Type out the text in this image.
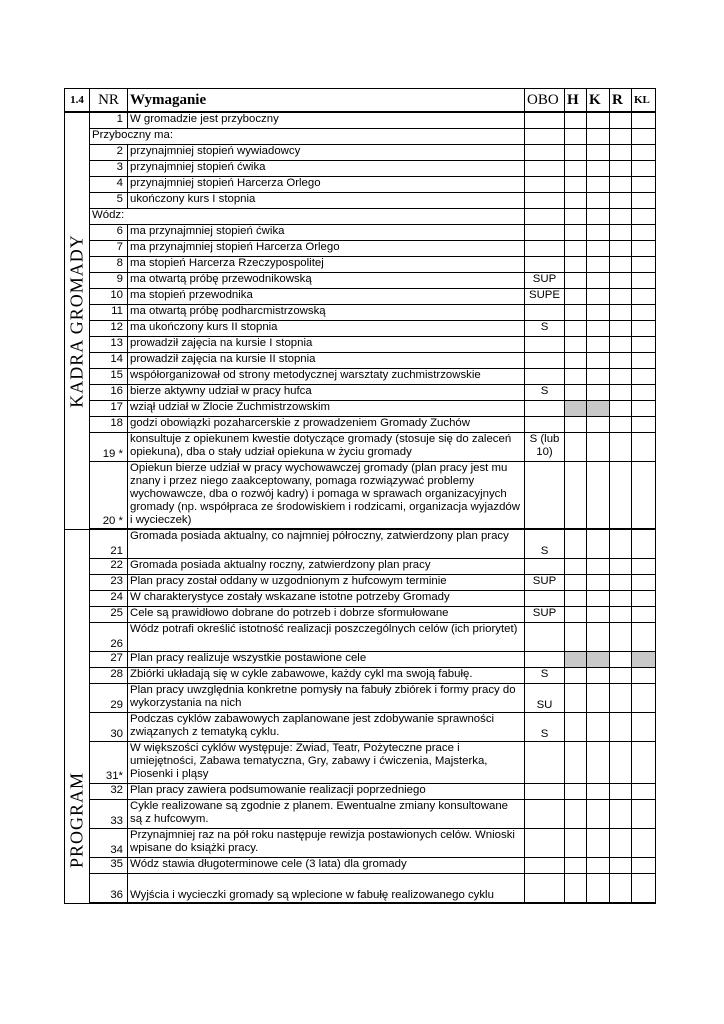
1.4	NR	Wymaganie	OBO	H	K	R	KL

KADRA GROMADY	1	W gromadzie jest przyboczny					
	Przyboczny ma:						
	2	przynajmniej stopień wywiadowcy					
	3	przynajmniej stopień ćwika					
	4	przynajmniej stopień Harcerza Orlego					
	5	ukończony kurs I stopnia					
	Wódz:						
	6	ma przynajmniej stopień ćwika					
	7	ma przynajmniej stopień Harcerza Orlego					
	8	ma stopień Harcerza Rzeczypospolitej					
	9	ma otwartą próbę przewodnikowską	SUP				
	10	ma stopień przewodnika	SUPE				
	11	ma otwartą próbę podharcmistrzowską					
	12	ma ukończony kurs II stopnia	S				
	13	prowadził zajęcia na kursie I stopnia					
	14	prowadził zajęcia na kursie II stopnia					
	15	współorganizował od strony metodycznej warsztaty zuchmistrzowskie					
	16	bierze aktywny udział w pracy hufca	S				
	17	wziął udział w Zlocie Zuchmistrzowskim					
	18	godzi obowiązki pozaharcerskie z prowadzeniem Gromady Zuchów					
	19 *	konsultuje z opiekunem kwestie dotyczące gromady (stosuje się do zaleceń opiekuna), dba o stały udział opiekuna w życiu gromady	S (lub 10)				
	20 *	Opiekun bierze udział w pracy wychowawczej gromady (plan pracy jest mu znany i przez niego zaakceptowany, pomaga rozwiązywać problemy wychowawcze, dba o rozwój kadry) i pomaga w sprawach organizacyjnych gromady (np. współpraca ze środowiskiem i rodzicami, organizacja wyjazdów i wycieczek)					

PROGRAM	21	Gromada posiada aktualny, co najmniej półroczny, zatwierdzony plan pracy	S				
	22	Gromada posiada aktualny roczny, zatwierdzony plan pracy					
	23	Plan pracy został oddany w uzgodnionym z hufcowym terminie	SUP				
	24	W charakterystyce zostały wskazane istotne potrzeby Gromady					
	25	Cele są prawidłowo dobrane do potrzeb i dobrze sformułowane	SUP				
	26	Wódz potrafi określić istotność realizacji poszczególnych celów (ich priorytet)					
	27	Plan pracy realizuje wszystkie postawione cele					
	28	Zbiórki układają się w cykle zabawowe, każdy cykl ma swoją fabułę.	S				
	29	Plan pracy uwzględnia konkretne pomysły na fabuły zbiórek i formy pracy do wykorzystania na nich	SU				
	30	Podczas cyklów zabawowych zaplanowane jest zdobywanie sprawności związanych z tematyką cyklu.	S				
	31*	W większości cyklów występuje: Zwiad, Teatr, Pożyteczne prace i umiejętności, Zabawa tematyczna, Gry, zabawy i ćwiczenia, Majsterka, Piosenki i pląsy					
	32	Plan pracy zawiera podsumowanie realizacji poprzedniego					
	33	Cykle realizowane są zgodnie z planem. Ewentualne zmiany konsultowane są z hufcowym.					
	34	Przynajmniej raz na pół roku następuje rewizja postawionych celów. Wnioski wpisane do książki pracy.					
	35	Wódz stawia długoterminowe cele (3 lata) dla gromady					
	36	Wyjścia i wycieczki gromady są wplecione w fabułę realizowanego cyklu					
